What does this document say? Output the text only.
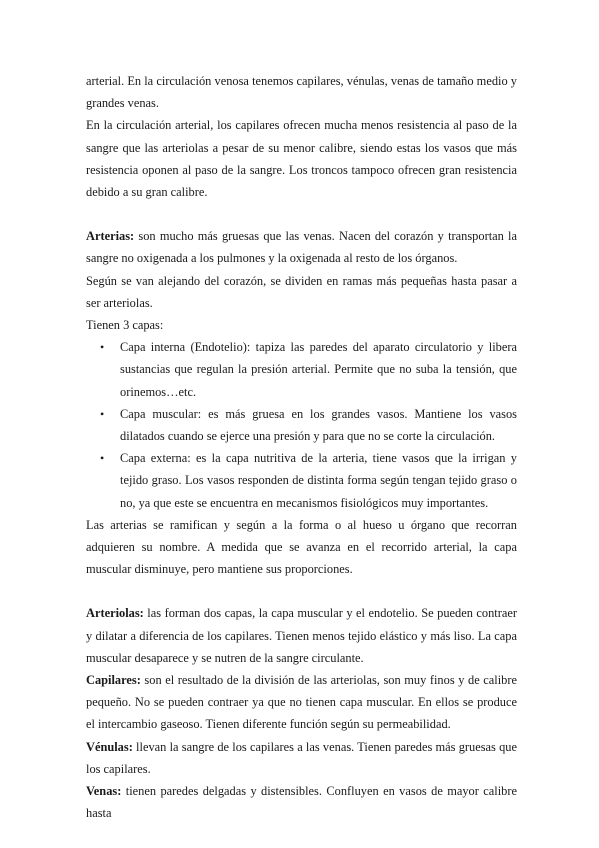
arterial. En la circulación venosa tenemos capilares, vénulas, venas de tamaño medio y grandes venas.

En la circulación arterial, los capilares ofrecen mucha menos resistencia al paso de la sangre que las arteriolas a pesar de su menor calibre, siendo estas los vasos que más resistencia oponen al paso de la sangre. Los troncos tampoco ofrecen gran resistencia debido a su gran calibre.

Arterias: son mucho más gruesas que las venas. Nacen del corazón y transportan la sangre no oxigenada a los pulmones y la oxigenada al resto de los órganos.

Según se van alejando del corazón, se dividen en ramas más pequeñas hasta pasar a ser arteriolas.

Tienen 3 capas:

• Capa interna (Endotelio): tapiza las paredes del aparato circulatorio y libera sustancias que regulan la presión arterial. Permite que no suba la tensión, que orinemos…etc.
• Capa muscular: es más gruesa en los grandes vasos. Mantiene los vasos dilatados cuando se ejerce una presión y para que no se corte la circulación.
• Capa externa: es la capa nutritiva de la arteria, tiene vasos que la irrigan y tejido graso. Los vasos responden de distinta forma según tengan tejido graso o no, ya que este se encuentra en mecanismos fisiológicos muy importantes.

Las arterias se ramifican y según a la forma o al hueso u órgano que recorran adquieren su nombre. A medida que se avanza en el recorrido arterial, la capa muscular disminuye, pero mantiene sus proporciones.

Arteriolas: las forman dos capas, la capa muscular y el endotelio. Se pueden contraer y dilatar a diferencia de los capilares. Tienen menos tejido elástico y más liso. La capa muscular desaparece y se nutren de la sangre circulante.

Capilares: son el resultado de la división de las arteriolas, son muy finos y de calibre pequeño. No se pueden contraer ya que no tienen capa muscular. En ellos se produce el intercambio gaseoso. Tienen diferente función según su permeabilidad.

Vénulas: llevan la sangre de los capilares a las venas. Tienen paredes más gruesas que los capilares.

Venas: tienen paredes delgadas y distensibles. Confluyen en vasos de mayor calibre hasta
